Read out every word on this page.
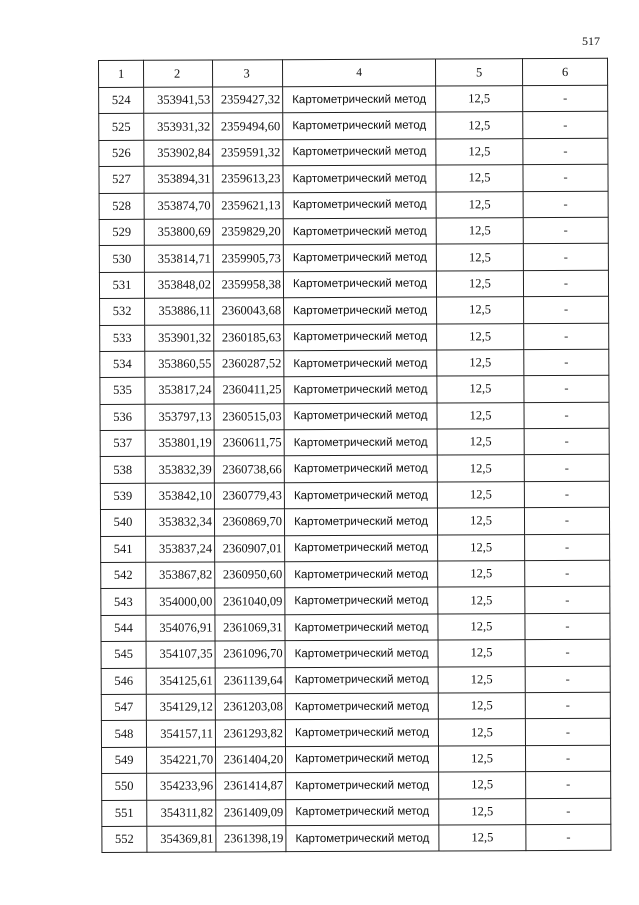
517
1	2	3	4	5	6
524	353941,53	2359427,32	Картометрический метод	12,5	-
525	353931,32	2359494,60	Картометрический метод	12,5	-
526	353902,84	2359591,32	Картометрический метод	12,5	-
527	353894,31	2359613,23	Картометрический метод	12,5	-
528	353874,70	2359621,13	Картометрический метод	12,5	-
529	353800,69	2359829,20	Картометрический метод	12,5	-
530	353814,71	2359905,73	Картометрический метод	12,5	-
531	353848,02	2359958,38	Картометрический метод	12,5	-
532	353886,11	2360043,68	Картометрический метод	12,5	-
533	353901,32	2360185,63	Картометрический метод	12,5	-
534	353860,55	2360287,52	Картометрический метод	12,5	-
535	353817,24	2360411,25	Картометрический метод	12,5	-
536	353797,13	2360515,03	Картометрический метод	12,5	-
537	353801,19	2360611,75	Картометрический метод	12,5	-
538	353832,39	2360738,66	Картометрический метод	12,5	-
539	353842,10	2360779,43	Картометрический метод	12,5	-
540	353832,34	2360869,70	Картометрический метод	12,5	-
541	353837,24	2360907,01	Картометрический метод	12,5	-
542	353867,82	2360950,60	Картометрический метод	12,5	-
543	354000,00	2361040,09	Картометрический метод	12,5	-
544	354076,91	2361069,31	Картометрический метод	12,5	-
545	354107,35	2361096,70	Картометрический метод	12,5	-
546	354125,61	2361139,64	Картометрический метод	12,5	-
547	354129,12	2361203,08	Картометрический метод	12,5	-
548	354157,11	2361293,82	Картометрический метод	12,5	-
549	354221,70	2361404,20	Картометрический метод	12,5	-
550	354233,96	2361414,87	Картометрический метод	12,5	-
551	354311,82	2361409,09	Картометрический метод	12,5	-
552	354369,81	2361398,19	Картометрический метод	12,5	-
